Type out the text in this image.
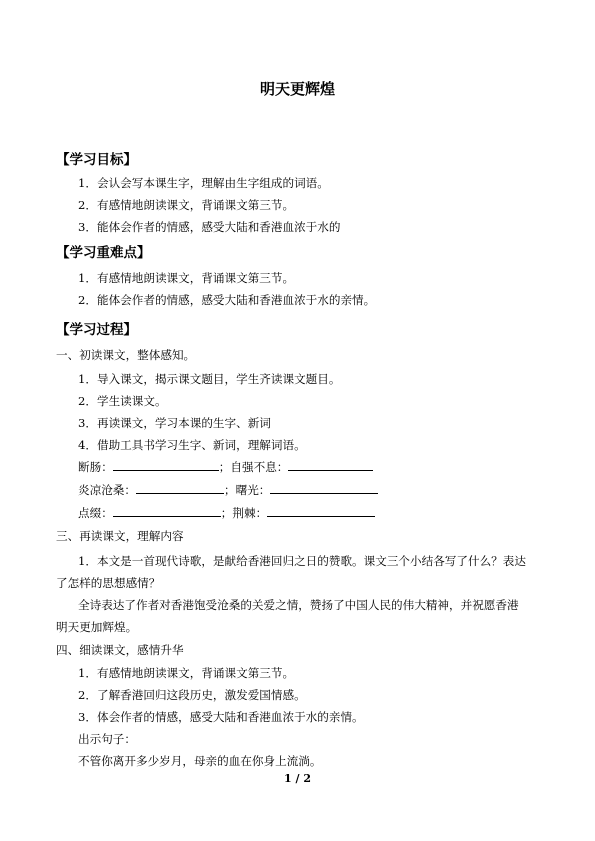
明天更辉煌
【学习目标】
1．会认会写本课生字，理解由生字组成的词语。
2．有感情地朗读课文，背诵课文第三节。
3．能体会作者的情感，感受大陆和香港血浓于水的
【学习重难点】
1．有感情地朗读课文，背诵课文第三节。
2．能体会作者的情感，感受大陆和香港血浓于水的亲情。
【学习过程】
一、初读课文，整体感知。
1．导入课文，揭示课文题目，学生齐读课文题目。
2．学生读课文。
3．再读课文，学习本课的生字、新词
4．借助工具书学习生字、新词，理解词语。
断肠：	；自强不息：
炎凉沧桑：	；曙光：
点缀：	；荆棘：
三、再读课文，理解内容
1．本文是一首现代诗歌，是献给香港回归之日的赞歌。课文三个小结各写了什么？表达
了怎样的思想感情？
全诗表达了作者对香港饱受沧桑的关爱之情，赞扬了中国人民的伟大精神，并祝愿香港
明天更加辉煌。
四、细读课文，感情升华
1．有感情地朗读课文，背诵课文第三节。
2．了解香港回归这段历史，激发爱国情感。
3．体会作者的情感，感受大陆和香港血浓于水的亲情。
出示句子：
不管你离开多少岁月，母亲的血在你身上流淌。
1 / 2
